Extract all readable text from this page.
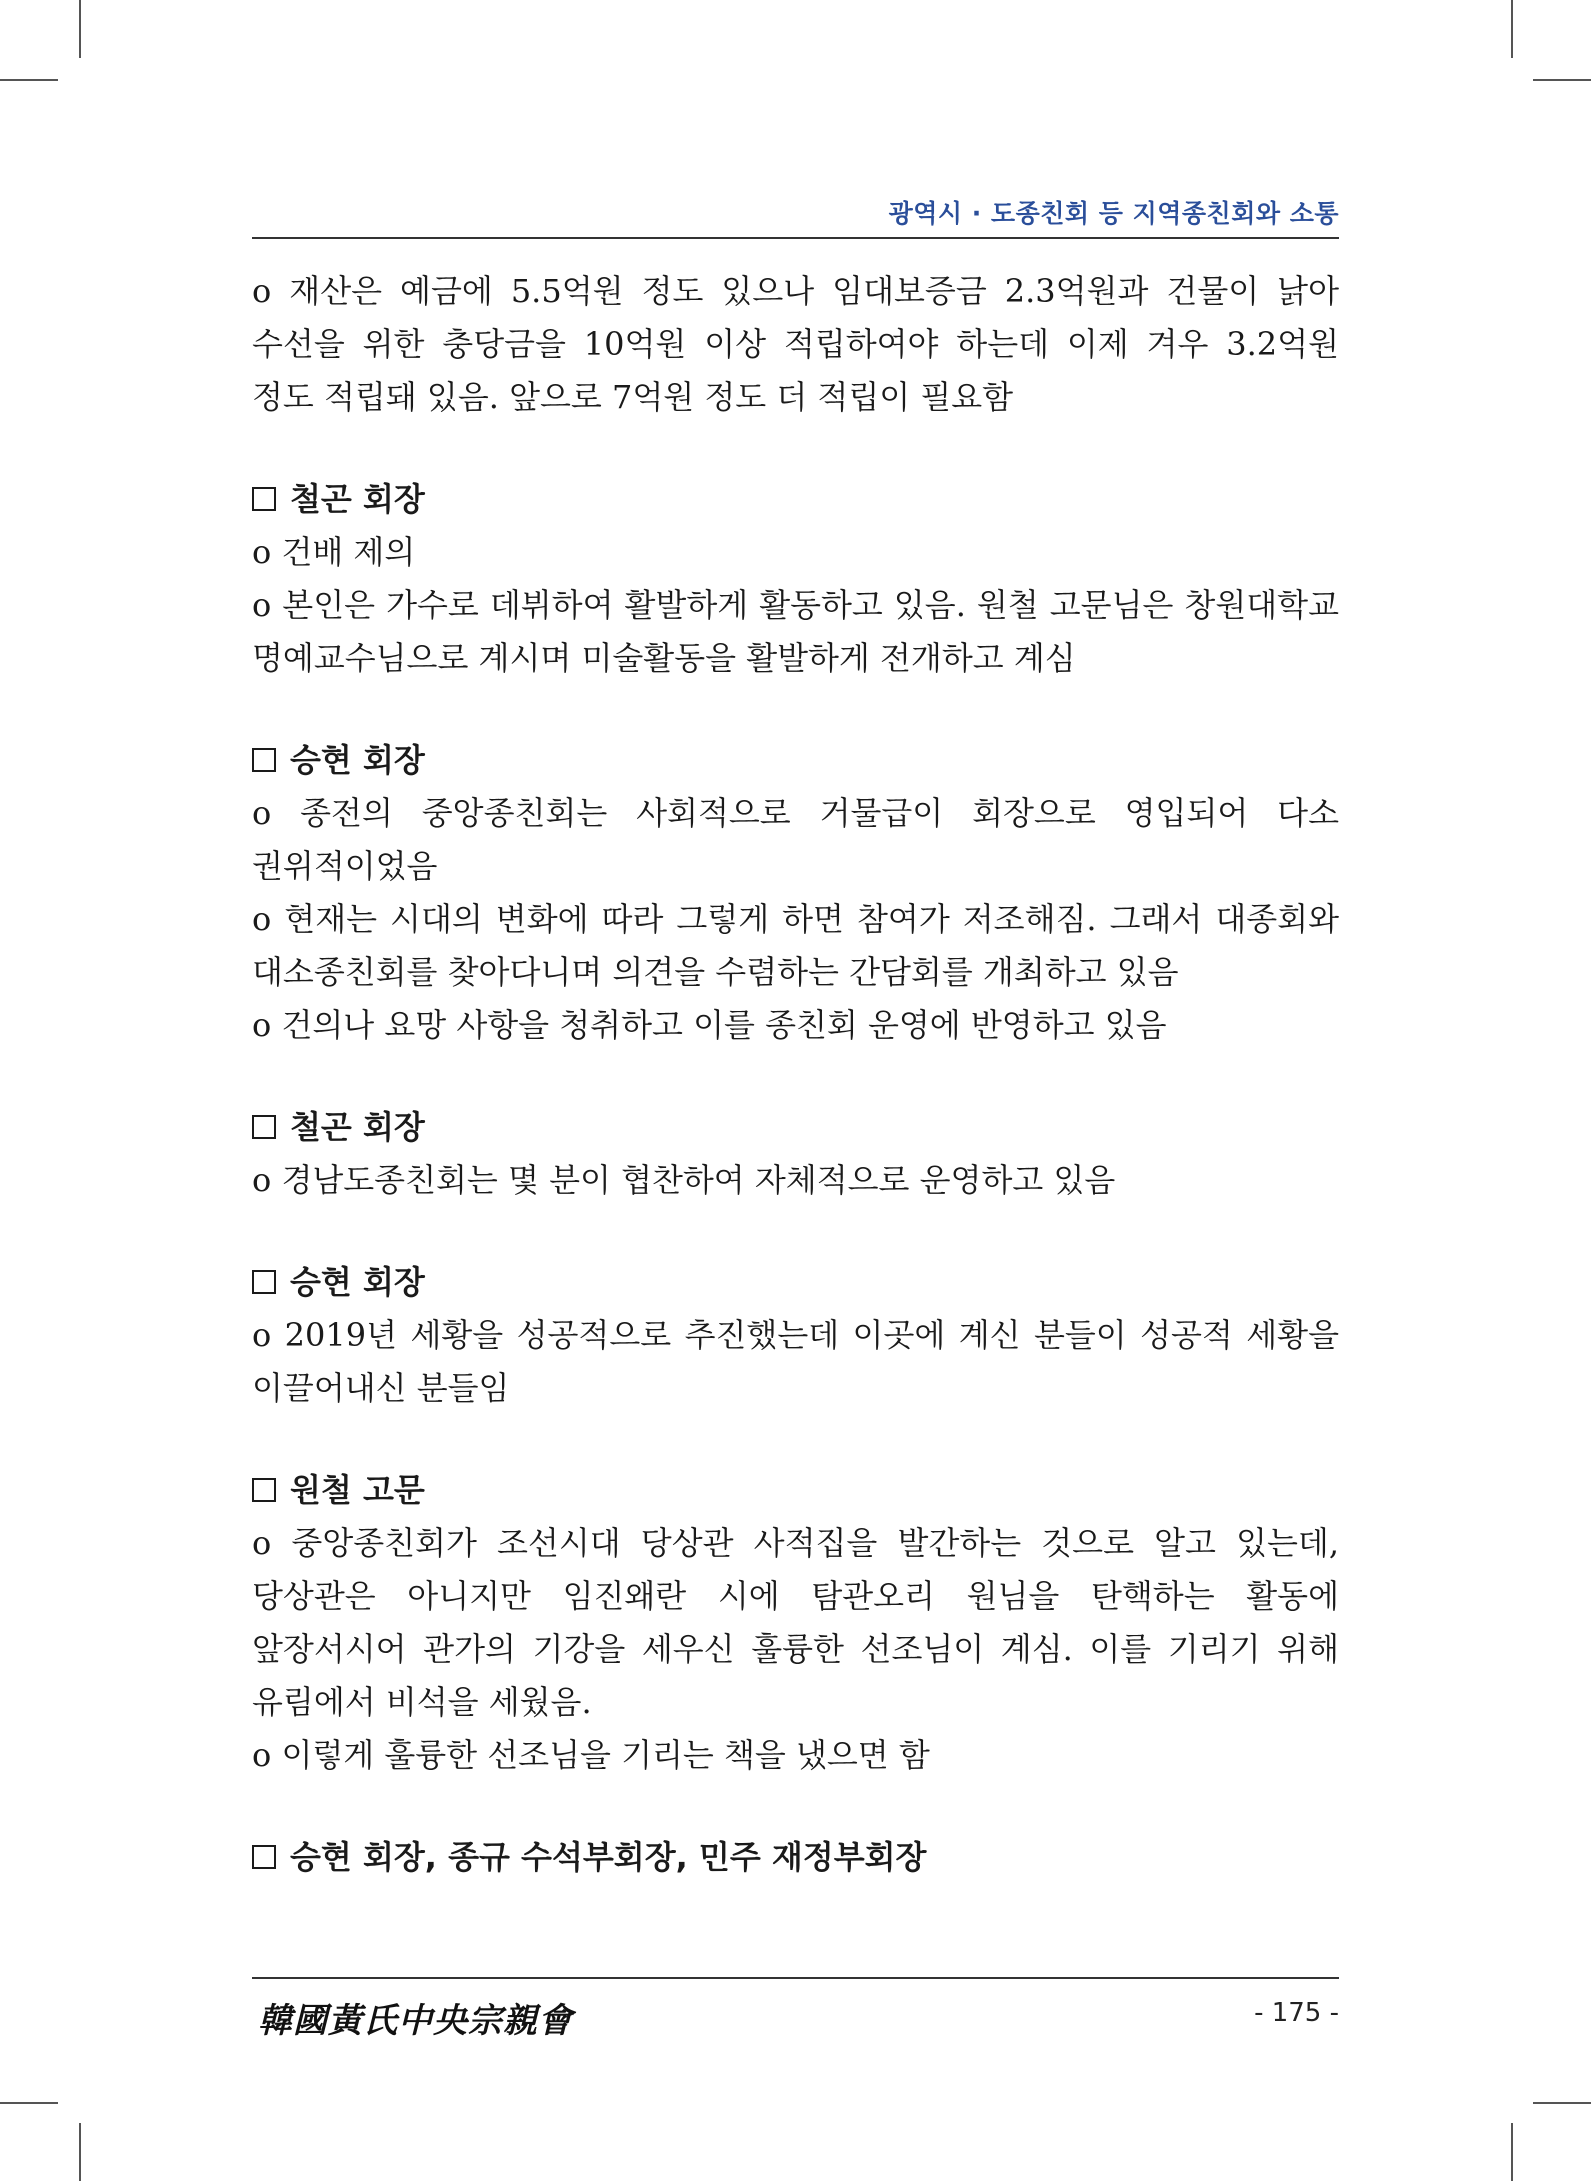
광역시 · 도종친회 등 지역종친회와 소통

o 재산은 예금에 5.5억원 정도 있으나 임대보증금 2.3억원과 건물이 낡아 수선을 위한 충당금을 10억원 이상 적립하여야 하는데 이제 겨우 3.2억원 정도 적립돼 있음. 앞으로 7억원 정도 더 적립이 필요함

철곤 회장

o 건배 제의

o 본인은 가수로 데뷔하여 활발하게 활동하고 있음. 원철 고문님은 창원대학교 명예교수님으로 계시며 미술활동을 활발하게 전개하고 계심

승현 회장

o 종전의 중앙종친회는 사회적으로 거물급이 회장으로 영입되어 다소 권위적이었음

o 현재는 시대의 변화에 따라 그렇게 하면 참여가 저조해짐. 그래서 대종회와 대소종친회를 찾아다니며 의견을 수렴하는 간담회를 개최하고 있음

o 건의나 요망 사항을 청취하고 이를 종친회 운영에 반영하고 있음

철곤 회장

o 경남도종친회는 몇 분이 협찬하여 자체적으로 운영하고 있음

승현 회장

o 2019년 세황을 성공적으로 추진했는데 이곳에 계신 분들이 성공적 세황을 이끌어내신 분들임

원철 고문

o 중앙종친회가 조선시대 당상관 사적집을 발간하는 것으로 알고 있는데, 당상관은 아니지만 임진왜란 시에 탐관오리 원님을 탄핵하는 활동에 앞장서시어 관가의 기강을 세우신 훌륭한 선조님이 계심. 이를 기리기 위해 유림에서 비석을 세웠음.

o 이렇게 훌륭한 선조님을 기리는 책을 냈으면 함

승현 회장, 종규 수석부회장, 민주 재정부회장

韓國黃氏中央宗親會	- 175 -
